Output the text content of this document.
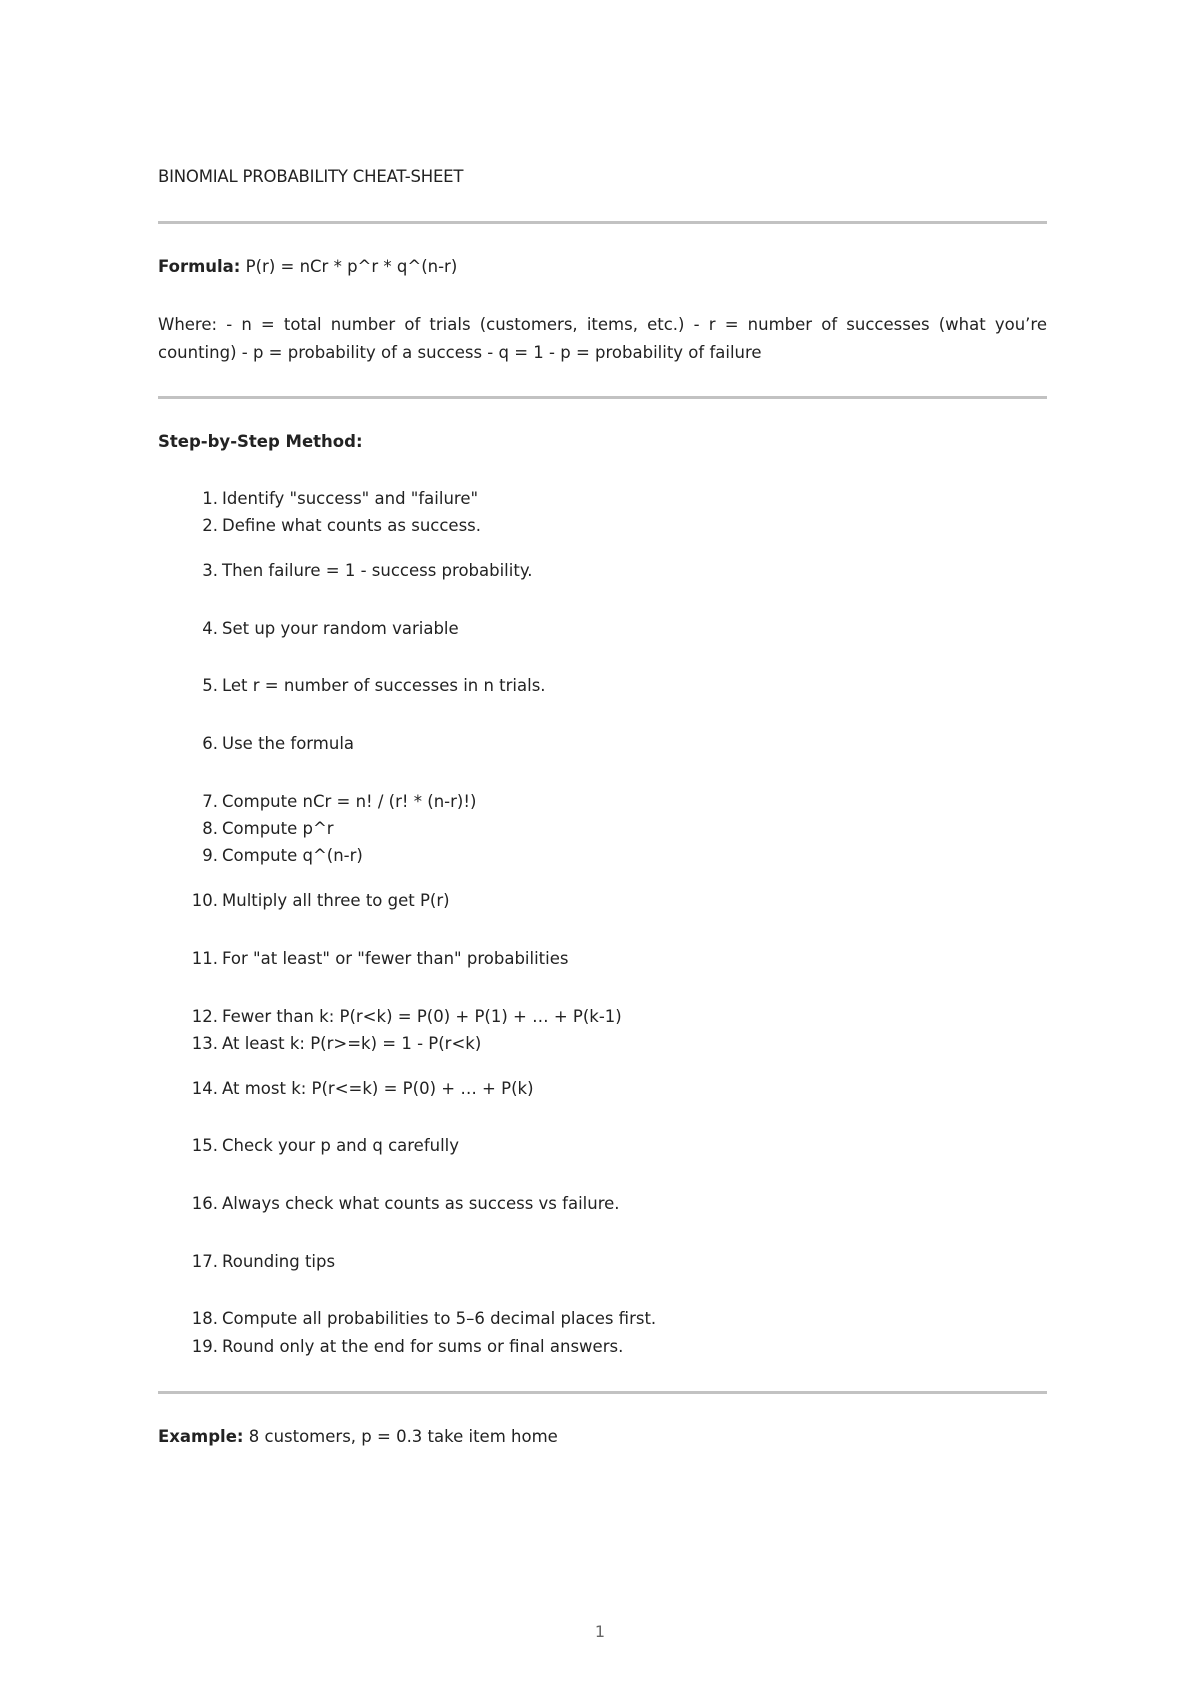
BINOMIAL PROBABILITY CHEAT-SHEET
Formula: P(r) = nCr * p^r * q^(n-r)
Where: - n = total number of trials (customers, items, etc.) - r = number of successes (what you’re counting) - p = probability of a success - q = 1 - p = probability of failure
Step-by-Step Method:
1. Identify "success" and "failure"
2. Define what counts as success.
3. Then failure = 1 - success probability.
4. Set up your random variable
5. Let r = number of successes in n trials.
6. Use the formula
7. Compute nCr = n! / (r! * (n-r)!)
8. Compute p^r
9. Compute q^(n-r)
10. Multiply all three to get P(r)
11. For "at least" or "fewer than" probabilities
12. Fewer than k: P(r<k) = P(0) + P(1) + … + P(k-1)
13. At least k: P(r>=k) = 1 - P(r<k)
14. At most k: P(r<=k) = P(0) + … + P(k)
15. Check your p and q carefully
16. Always check what counts as success vs failure.
17. Rounding tips
18. Compute all probabilities to 5–6 decimal places first.
19. Round only at the end for sums or final answers.
Example: 8 customers, p = 0.3 take item home
1
